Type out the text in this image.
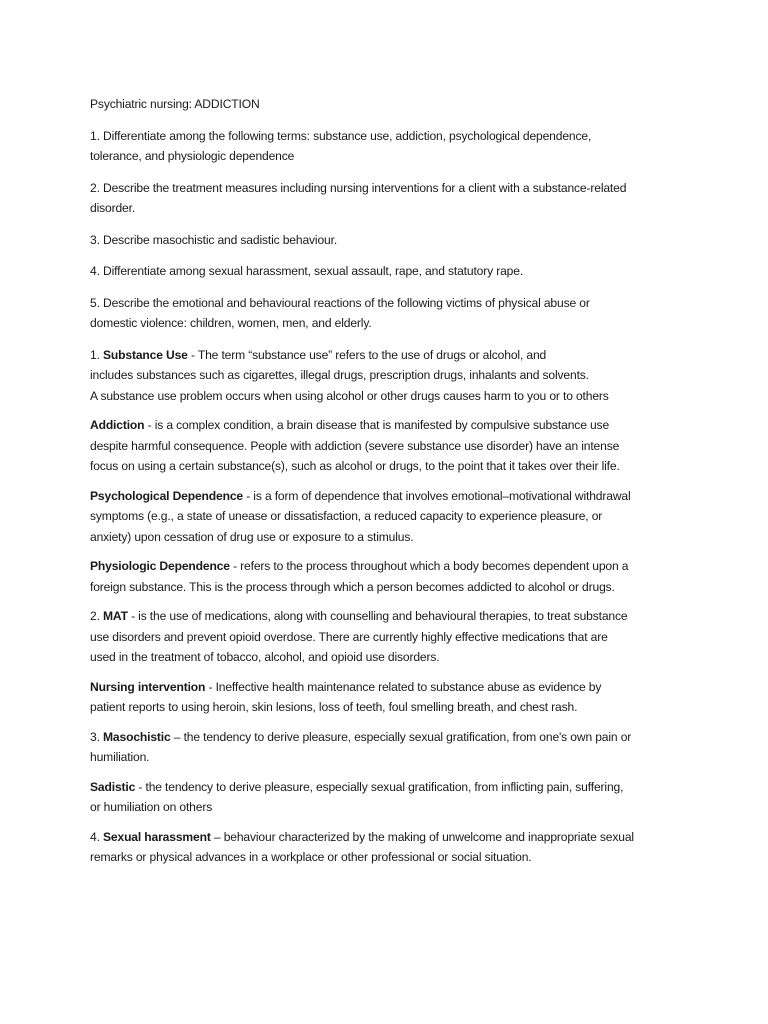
Psychiatric nursing: ADDICTION
1. Differentiate among the following terms: substance use, addiction, psychological dependence,
tolerance, and physiologic dependence
2. Describe the treatment measures including nursing interventions for a client with a substance-related
disorder.
3. Describe masochistic and sadistic behaviour.
4. Differentiate among sexual harassment, sexual assault, rape, and statutory rape.
5. Describe the emotional and behavioural reactions of the following victims of physical abuse or
domestic violence: children, women, men, and elderly.
1. Substance Use - The term “substance use” refers to the use of drugs or alcohol, and
includes substances such as cigarettes, illegal drugs, prescription drugs, inhalants and solvents.
A substance use problem occurs when using alcohol or other drugs causes harm to you or to others
Addiction - is a complex condition, a brain disease that is manifested by compulsive substance use
despite harmful consequence. People with addiction (severe substance use disorder) have an intense
focus on using a certain substance(s), such as alcohol or drugs, to the point that it takes over their life.
Psychological Dependence - is a form of dependence that involves emotional–motivational withdrawal
symptoms (e.g., a state of unease or dissatisfaction, a reduced capacity to experience pleasure, or
anxiety) upon cessation of drug use or exposure to a stimulus.
Physiologic Dependence - refers to the process throughout which a body becomes dependent upon a
foreign substance. This is the process through which a person becomes addicted to alcohol or drugs.
2. MAT - is the use of medications, along with counselling and behavioural therapies, to treat substance
use disorders and prevent opioid overdose. There are currently highly effective medications that are
used in the treatment of tobacco, alcohol, and opioid use disorders.
Nursing intervention - Ineffective health maintenance related to substance abuse as evidence by
patient reports to using heroin, skin lesions, loss of teeth, foul smelling breath, and chest rash.
3. Masochistic – the tendency to derive pleasure, especially sexual gratification, from one's own pain or
humiliation.
Sadistic - the tendency to derive pleasure, especially sexual gratification, from inflicting pain, suffering,
or humiliation on others
4. Sexual harassment – behaviour characterized by the making of unwelcome and inappropriate sexual
remarks or physical advances in a workplace or other professional or social situation.
